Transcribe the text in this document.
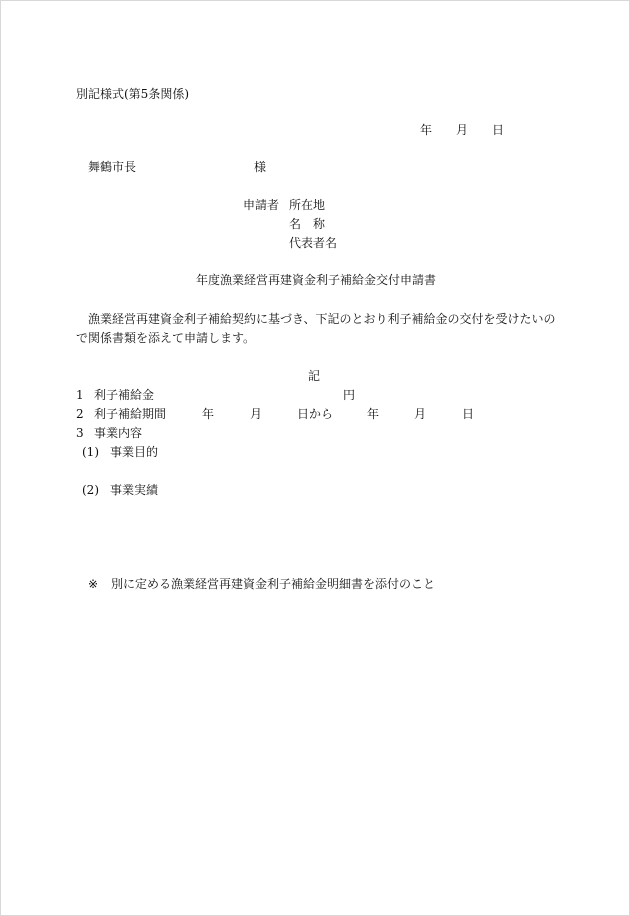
別記様式(第5条関係)
年 月 日
舞鶴市長	様
申請者 所在地
名　称
代表者名
年度漁業経営再建資金利子補給金交付申請書
漁業経営再建資金利子補給契約に基づき、下記のとおり利子補給金の交付を受けたいの
で関係書類を添えて申請します。
記
1 利子補給金	円
2 利子補給期間	年	月	日から	年	月	日
3 事業内容
(1) 事業目的
(2) 事業実績
※ 別に定める漁業経営再建資金利子補給金明細書を添付のこと
